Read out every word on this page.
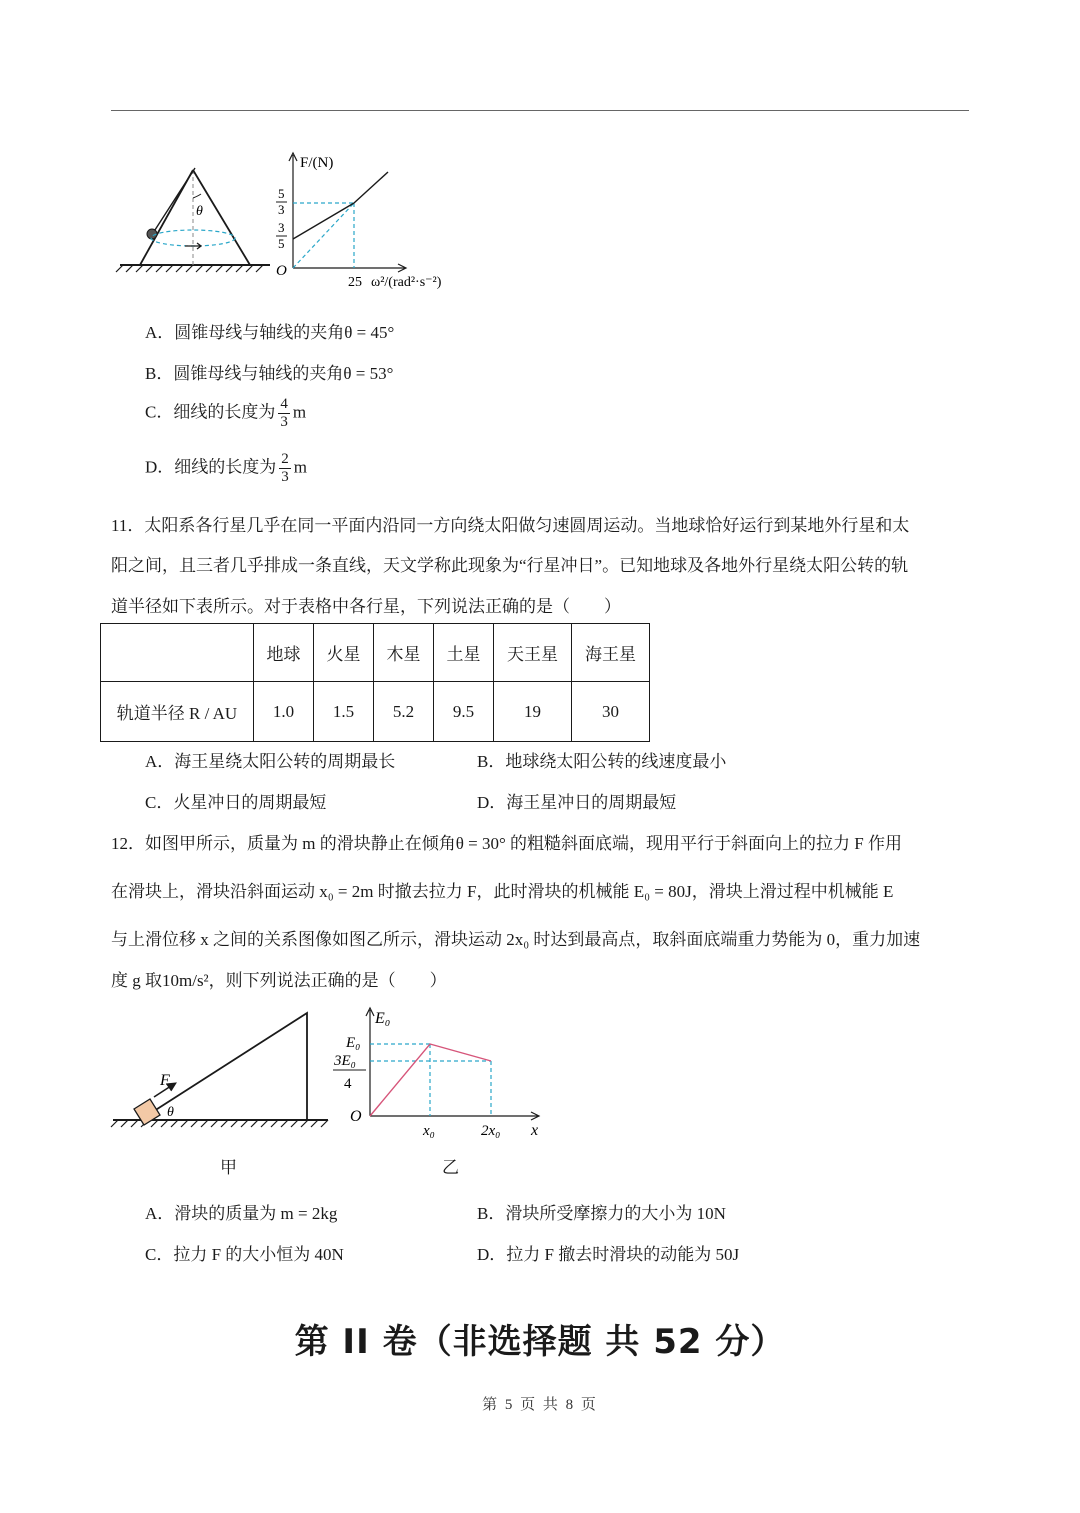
θ
F/(N)
O
25 ω²/(rad²·s⁻²)
5
3
3
5
A．圆锥母线与轴线的夹角θ = 45°
B．圆锥母线与轴线的夹角θ = 53°
C．细线的长度为 $\frac{4}{3}$ m
D．细线的长度为 $\frac{2}{3}$ m
11．太阳系各行星几乎在同一平面内沿同一方向绕太阳做匀速圆周运动。当地球恰好运行到某地外行星和太
阳之间，且三者几乎排成一条直线，天文学称此现象为“行星冲日”。已知地球及各地外行星绕太阳公转的轨
道半径如下表所示。对于表格中各行星，下列说法正确的是（　　）
	地球	火星	木星	土星	天王星	海王星
轨道半径 R / AU	1.0	1.5	5.2	9.5	19	30
A．海王星绕太阳公转的周期最长	B．地球绕太阳公转的线速度最小
C．火星冲日的周期最短	D．海王星冲日的周期最短
12．如图甲所示，质量为 m 的滑块静止在倾角θ = 30° 的粗糙斜面底端，现用平行于斜面向上的拉力 F 作用
在滑块上，滑块沿斜面运动 x₀ = 2m 时撤去拉力 F，此时滑块的机械能 E₀ = 80J，滑块上滑过程中机械能 E
与上滑位移 x 之间的关系图像如图乙所示，滑块运动 2x₀ 时达到最高点，取斜面底端重力势能为 0，重力加速
度 g 取10m/s²，则下列说法正确的是（　　）
F
θ
甲
E₀
E₀
3E₀
4
O
x₀	2x₀ x
乙
A．滑块的质量为 m = 2kg	B．滑块所受摩擦力的大小为 10N
C．拉力 F 的大小恒为 40N	D．拉力 F 撤去时滑块的动能为 50J
第 II 卷（非选择题 共 52 分）
第 5 页 共 8 页
